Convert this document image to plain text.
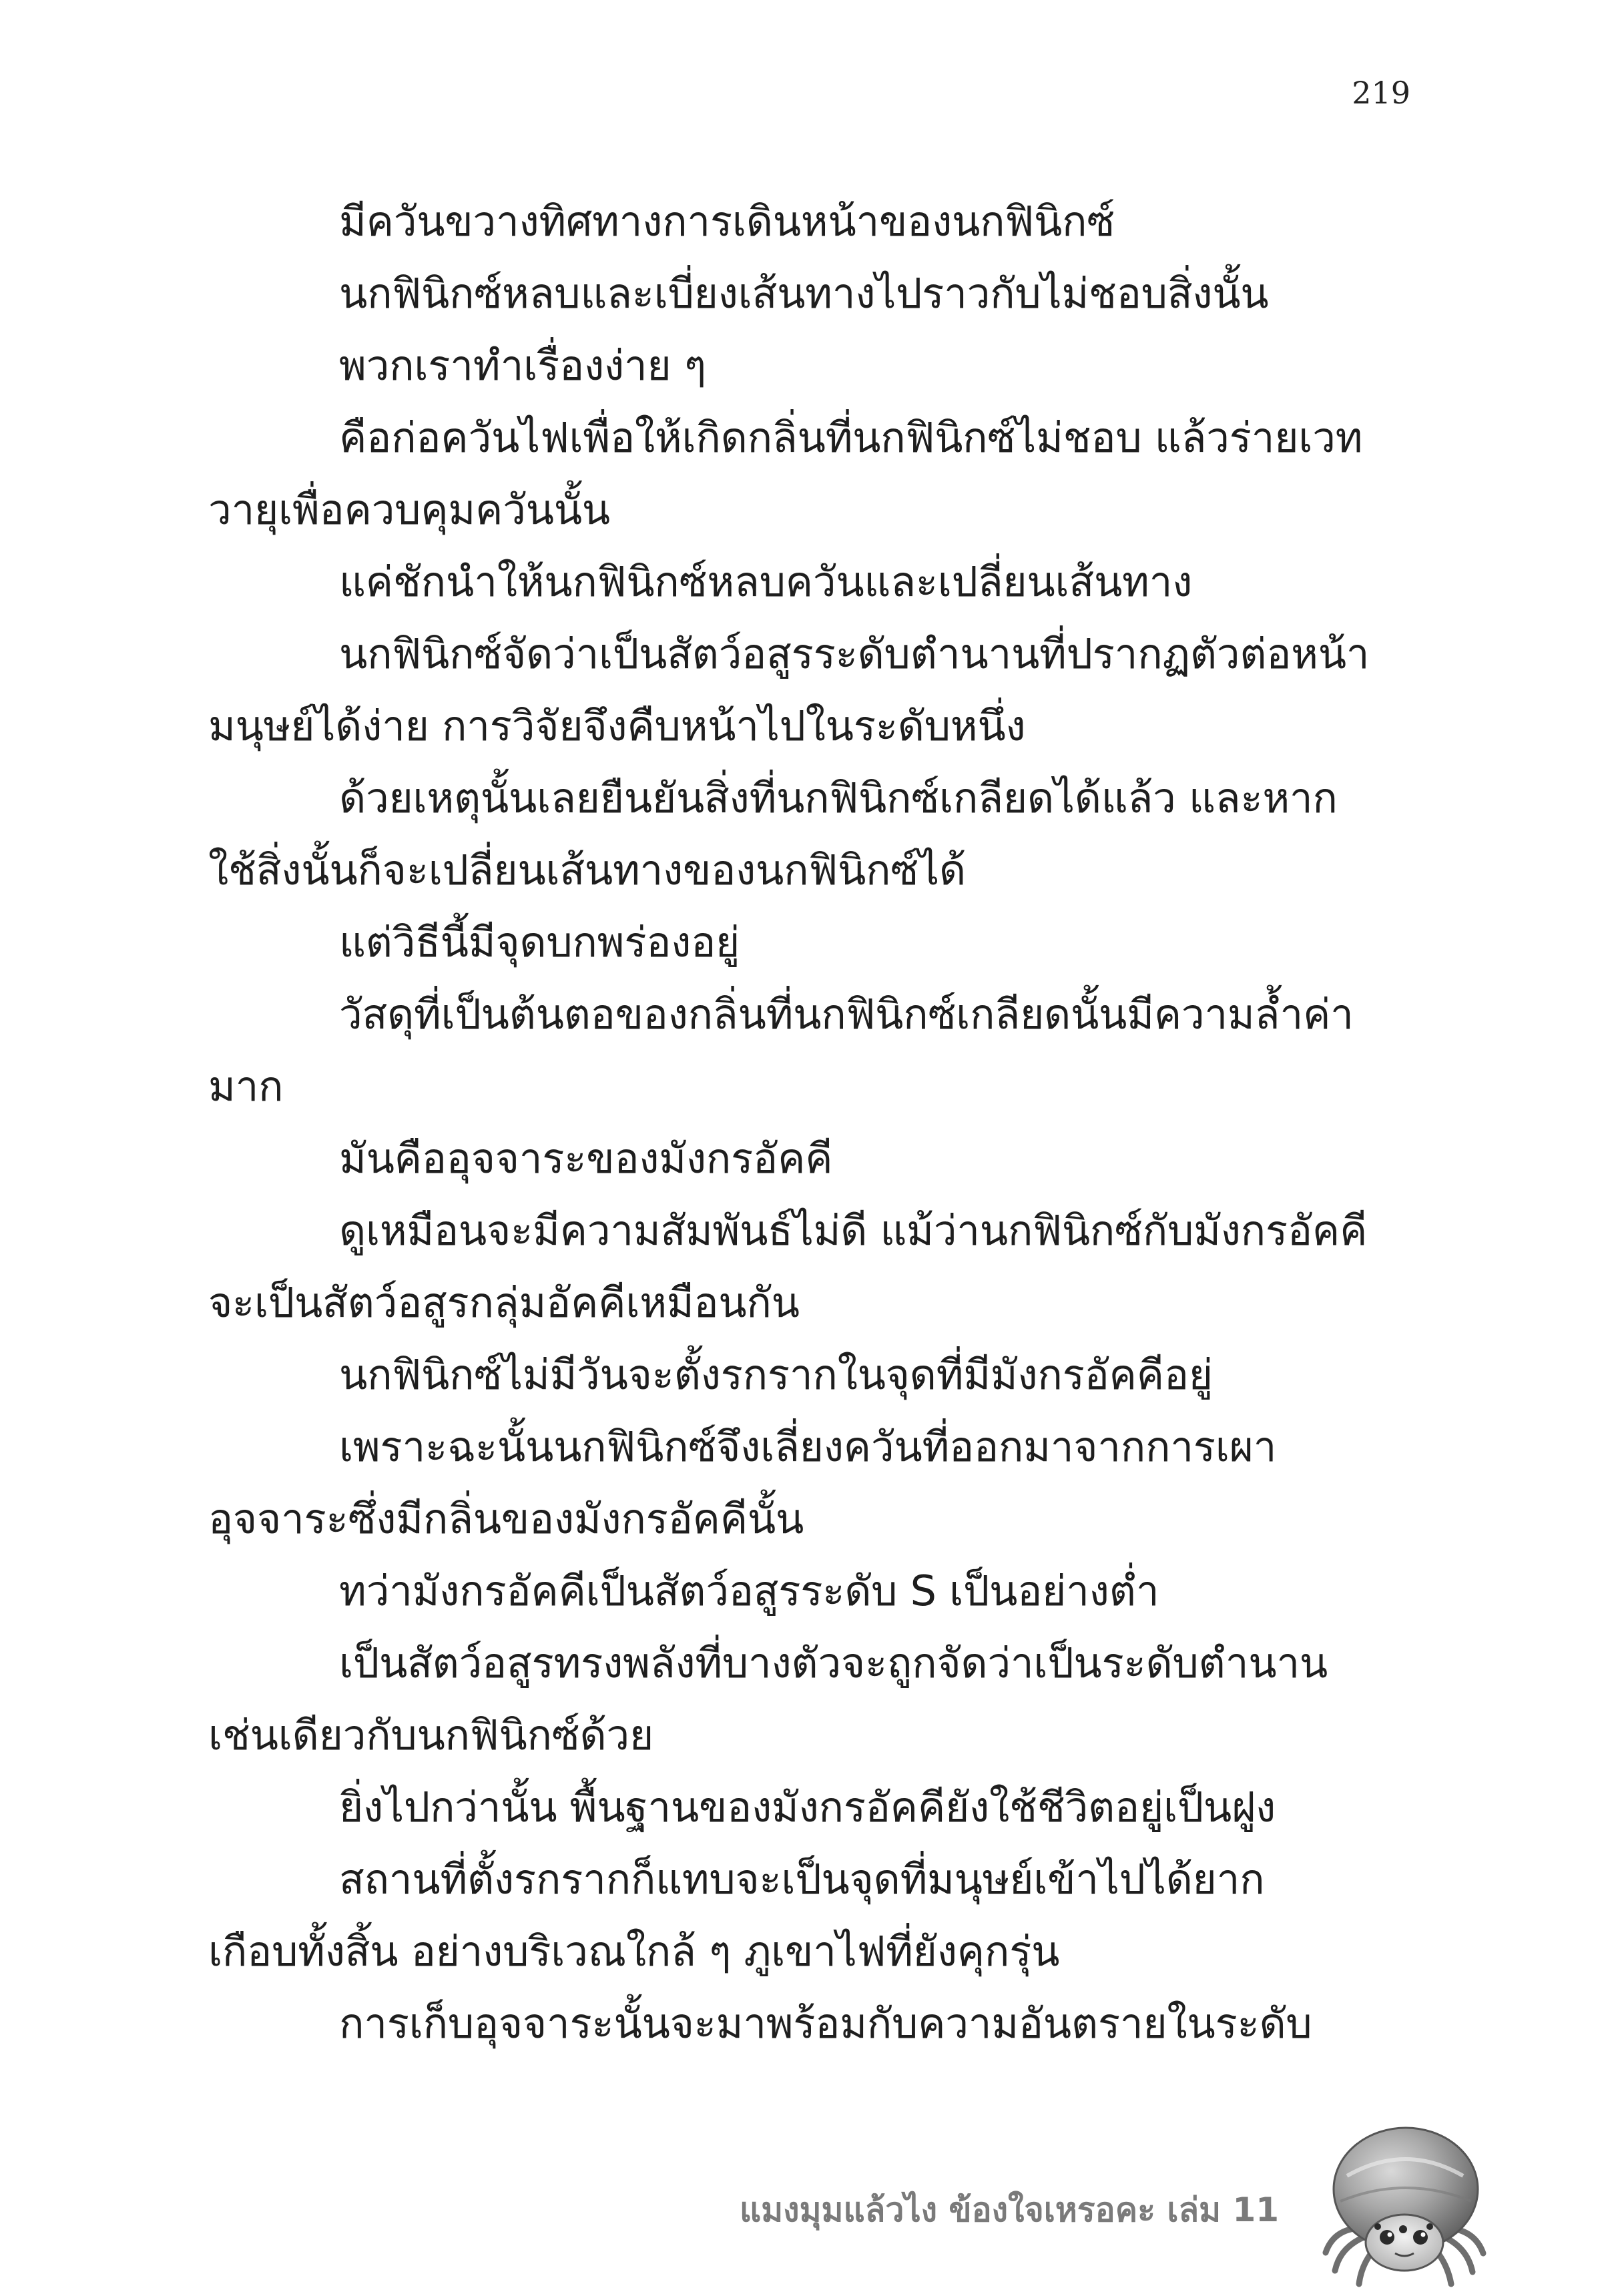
219
มีควันขวางทิศทางการเดินหน้าของนกฟินิกซ์
นกฟินิกซ์หลบและเบี่ยงเส้นทางไปราวกับไม่ชอบสิ่งนั้น
พวกเราทำเรื่องง่าย ๆ
คือก่อควันไฟเพื่อให้เกิดกลิ่นที่นกฟินิกซ์ไม่ชอบ แล้วร่ายเวท
วายุเพื่อควบคุมควันนั้น
แค่ชักนำให้นกฟินิกซ์หลบควันและเปลี่ยนเส้นทาง
นกฟินิกซ์จัดว่าเป็นสัตว์อสูรระดับตำนานที่ปรากฏตัวต่อหน้า
มนุษย์ได้ง่าย การวิจัยจึงคืบหน้าไปในระดับหนึ่ง
ด้วยเหตุนั้นเลยยืนยันสิ่งที่นกฟินิกซ์เกลียดได้แล้ว และหาก
ใช้สิ่งนั้นก็จะเปลี่ยนเส้นทางของนกฟินิกซ์ได้
แต่วิธีนี้มีจุดบกพร่องอยู่
วัสดุที่เป็นต้นตอของกลิ่นที่นกฟินิกซ์เกลียดนั้นมีความล้ำค่า
มาก
มันคืออุจจาระของมังกรอัคคี
ดูเหมือนจะมีความสัมพันธ์ไม่ดี แม้ว่านกฟินิกซ์กับมังกรอัคคี
จะเป็นสัตว์อสูรกลุ่มอัคคีเหมือนกัน
นกฟินิกซ์ไม่มีวันจะตั้งรกรากในจุดที่มีมังกรอัคคีอยู่
เพราะฉะนั้นนกฟินิกซ์จึงเลี่ยงควันที่ออกมาจากการเผา
อุจจาระซึ่งมีกลิ่นของมังกรอัคคีนั้น
ทว่ามังกรอัคคีเป็นสัตว์อสูรระดับ S เป็นอย่างต่ำ
เป็นสัตว์อสูรทรงพลังที่บางตัวจะถูกจัดว่าเป็นระดับตำนาน
เช่นเดียวกับนกฟินิกซ์ด้วย
ยิ่งไปกว่านั้น พื้นฐานของมังกรอัคคียังใช้ชีวิตอยู่เป็นฝูง
สถานที่ตั้งรกรากก็แทบจะเป็นจุดที่มนุษย์เข้าไปได้ยาก
เกือบทั้งสิ้น อย่างบริเวณใกล้ ๆ ภูเขาไฟที่ยังคุกรุ่น
การเก็บอุจจาระนั้นจะมาพร้อมกับความอันตรายในระดับ
แมงมุมแล้วไง ข้องใจเหรอคะ เล่ม 11
